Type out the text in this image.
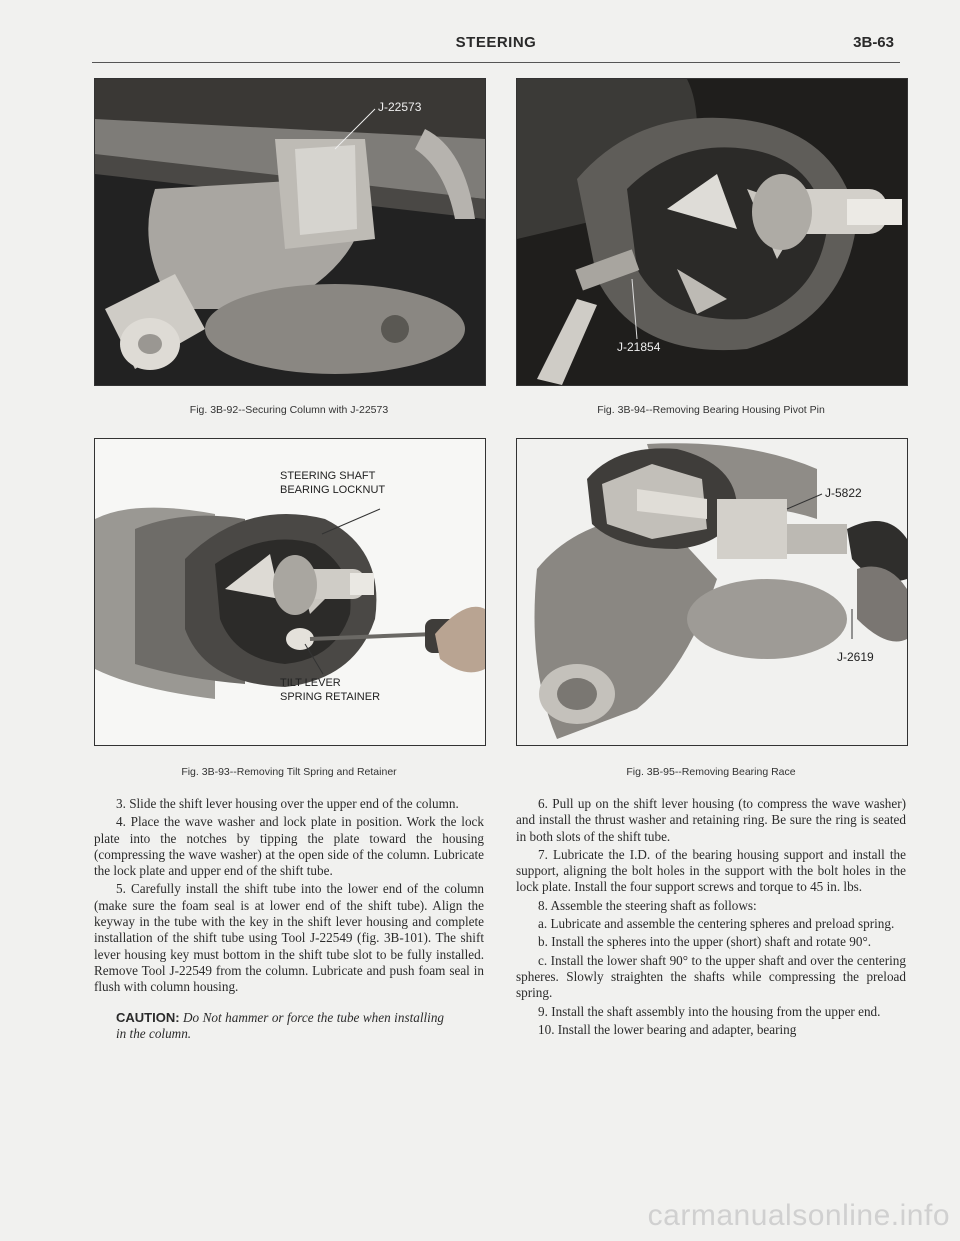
STEERING	3B-63
J-22573
Fig. 3B-92--Securing Column with J-22573
J-21854
Fig. 3B-94--Removing Bearing Housing Pivot Pin
STEERING SHAFT
BEARING LOCKNUT
TILT LEVER
SPRING RETAINER
Fig. 3B-93--Removing Tilt Spring and Retainer
J-5822
J-2619
Fig. 3B-95--Removing Bearing Race

3. Slide the shift lever housing over the upper end of the column.

4. Place the wave washer and lock plate in position. Work the lock plate into the notches by tipping the plate toward the housing (compressing the wave washer) at the open side of the column. Lubricate the lock plate and upper end of the shift tube.

5. Carefully install the shift tube into the lower end of the column (make sure the foam seal is at lower end of the shift tube). Align the keyway in the tube with the key in the shift lever housing and complete installation of the shift tube using Tool J-22549 (fig. 3B-101). The shift lever housing key must bottom in the shift tube slot to be fully installed. Remove Tool J-22549 from the column. Lubricate and push foam seal in flush with column housing.

CAUTION: Do Not hammer or force the tube when installing in the column.

6. Pull up on the shift lever housing (to compress the wave washer) and install the thrust washer and retaining ring. Be sure the ring is seated in both slots of the shift tube.

7. Lubricate the I.D. of the bearing housing support and install the support, aligning the bolt holes in the support with the bolt holes in the lock plate. Install the four support screws and torque to 45 in. lbs.

8. Assemble the steering shaft as follows:

a. Lubricate and assemble the centering spheres and preload spring.

b. Install the spheres into the upper (short) shaft and rotate 90°.

c. Install the lower shaft 90° to the upper shaft and over the centering spheres. Slowly straighten the shafts while compressing the preload spring.

9. Install the shaft assembly into the housing from the upper end.

10. Install the lower bearing and adapter, bearing

carmanualsonline.info
